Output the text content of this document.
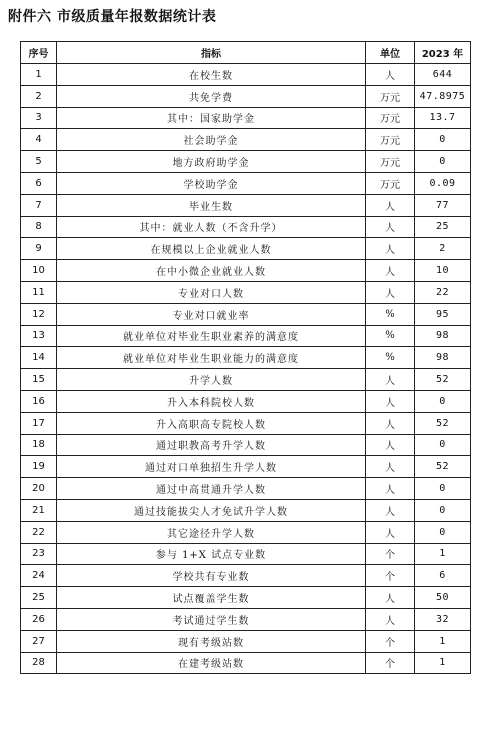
附件六 市级质量年报数据统计表
序号	指标	单位	2023 年
1	在校生数	人	644
2	共免学费	万元	47.8975
3	其中：国家助学金	万元	13.7
4	社会助学金	万元	0
5	地方政府助学金	万元	0
6	学校助学金	万元	0.09
7	毕业生数	人	77
8	其中：就业人数（不含升学）	人	25
9	在规模以上企业就业人数	人	2
10	在中小微企业就业人数	人	10
11	专业对口人数	人	22
12	专业对口就业率	%	95
13	就业单位对毕业生职业素养的满意度	%	98
14	就业单位对毕业生职业能力的满意度	%	98
15	升学人数	人	52
16	升入本科院校人数	人	0
17	升入高职高专院校人数	人	52
18	通过职教高考升学人数	人	0
19	通过对口单独招生升学人数	人	52
20	通过中高贯通升学人数	人	0
21	通过技能拔尖人才免试升学人数	人	0
22	其它途径升学人数	人	0
23	参与 1+X 试点专业数	个	1
24	学校共有专业数	个	6
25	试点覆盖学生数	人	50
26	考试通过学生数	人	32
27	现有考级站数	个	1
28	在建考级站数	个	1
